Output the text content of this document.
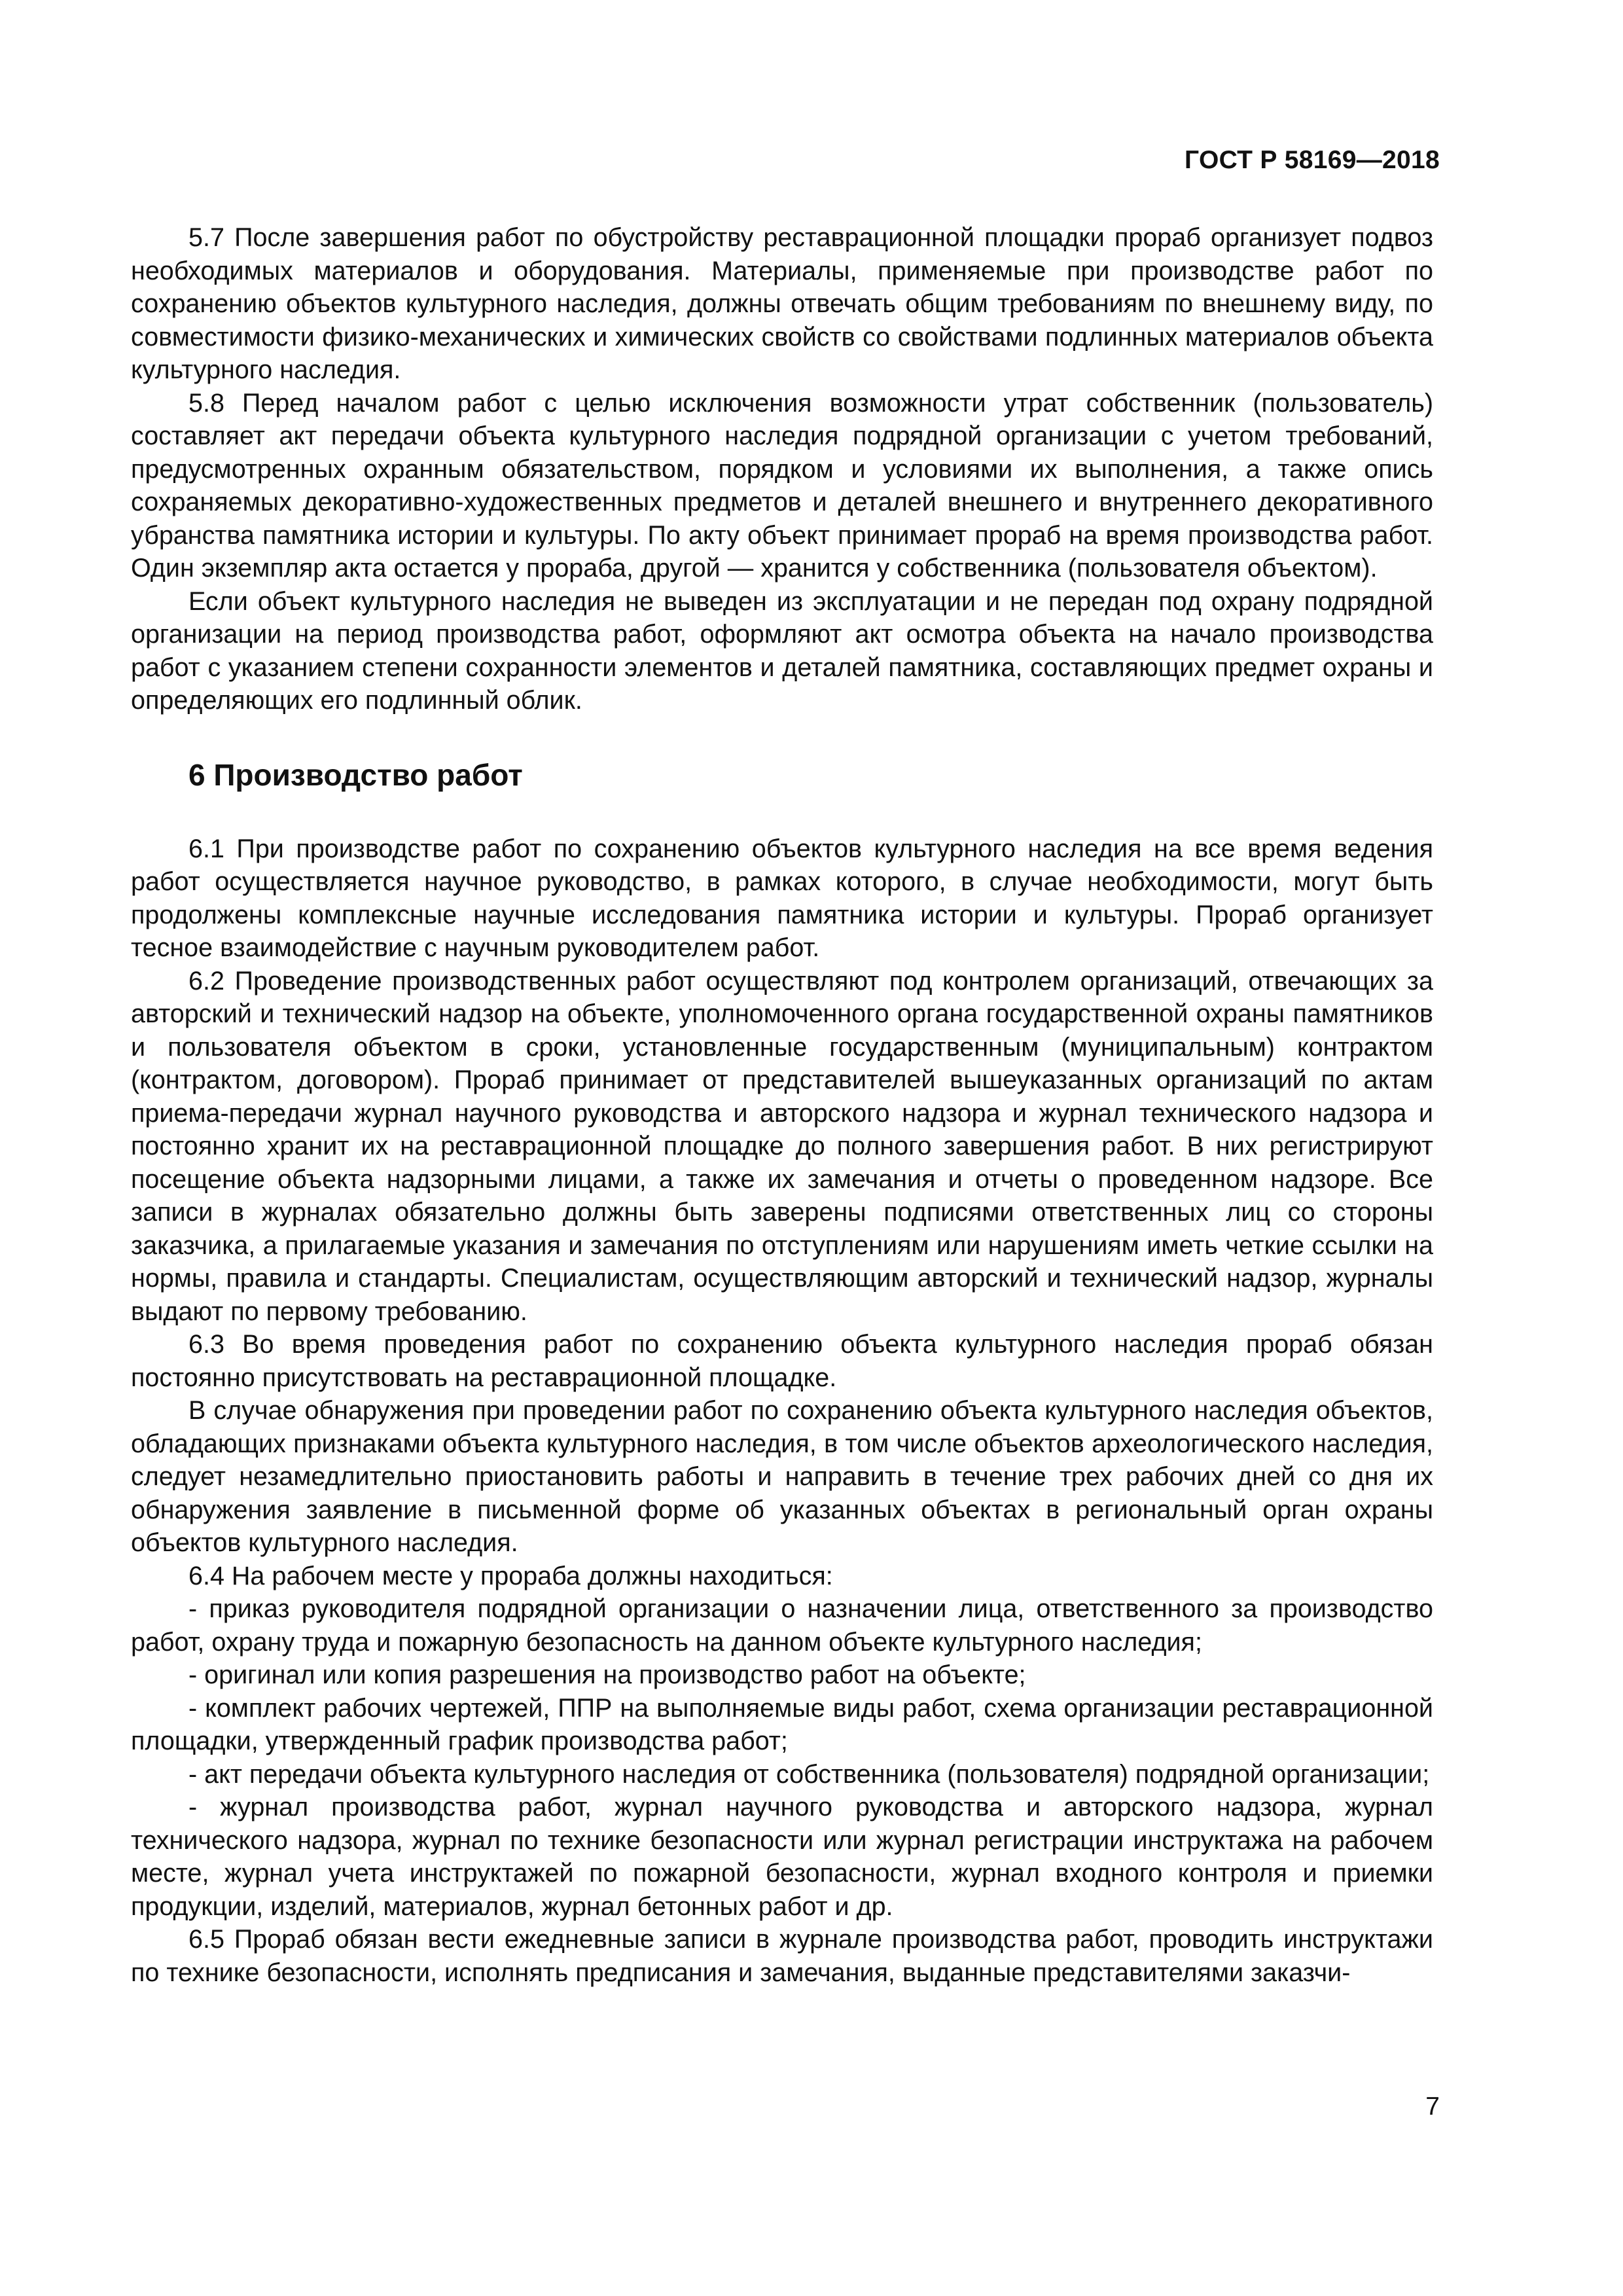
ГОСТ Р 58169—2018

5.7 После завершения работ по обустройству реставрационной площадки прораб организует подвоз необходимых материалов и оборудования. Материалы, применяемые при производстве работ по сохранению объектов культурного наследия, должны отвечать общим требованиям по внешнему виду, по совместимости физико-механических и химических свойств со свойствами подлинных материалов объекта культурного наследия.

5.8 Перед началом работ с целью исключения возможности утрат собственник (пользователь) составляет акт передачи объекта культурного наследия подрядной организации с учетом требований, предусмотренных охранным обязательством, порядком и условиями их выполнения, а также опись сохраняемых декоративно-художественных предметов и деталей внешнего и внутреннего декоративного убранства памятника истории и культуры. По акту объект принимает прораб на время производства работ. Один экземпляр акта остается у прораба, другой — хранится у собственника (пользователя объектом).

Если объект культурного наследия не выведен из эксплуатации и не передан под охрану подрядной организации на период производства работ, оформляют акт осмотра объекта на начало производства работ с указанием степени сохранности элементов и деталей памятника, составляющих предмет охраны и определяющих его подлинный облик.

6 Производство работ

6.1 При производстве работ по сохранению объектов культурного наследия на все время ведения работ осуществляется научное руководство, в рамках которого, в случае необходимости, могут быть продолжены комплексные научные исследования памятника истории и культуры. Прораб организует тесное взаимодействие с научным руководителем работ.

6.2 Проведение производственных работ осуществляют под контролем организаций, отвечающих за авторский и технический надзор на объекте, уполномоченного органа государственной охраны памятников и пользователя объектом в сроки, установленные государственным (муниципальным) контрактом (контрактом, договором). Прораб принимает от представителей вышеуказанных организаций по актам приема-передачи журнал научного руководства и авторского надзора и журнал технического надзора и постоянно хранит их на реставрационной площадке до полного завершения работ. В них регистрируют посещение объекта надзорными лицами, а также их замечания и отчеты о проведенном надзоре. Все записи в журналах обязательно должны быть заверены подписями ответственных лиц со стороны заказчика, а прилагаемые указания и замечания по отступлениям или нарушениям иметь четкие ссылки на нормы, правила и стандарты. Специалистам, осуществляющим авторский и технический надзор, журналы выдают по первому требованию.

6.3 Во время проведения работ по сохранению объекта культурного наследия прораб обязан постоянно присутствовать на реставрационной площадке.

В случае обнаружения при проведении работ по сохранению объекта культурного наследия объектов, обладающих признаками объекта культурного наследия, в том числе объектов археологического наследия, следует незамедлительно приостановить работы и направить в течение трех рабочих дней со дня их обнаружения заявление в письменной форме об указанных объектах в региональный орган охраны объектов культурного наследия.

6.4 На рабочем месте у прораба должны находиться:

- приказ руководителя подрядной организации о назначении лица, ответственного за производство работ, охрану труда и пожарную безопасность на данном объекте культурного наследия;

- оригинал или копия разрешения на производство работ на объекте;

- комплект рабочих чертежей, ППР на выполняемые виды работ, схема организации реставрационной площадки, утвержденный график производства работ;

- акт передачи объекта культурного наследия от собственника (пользователя) подрядной организации;

- журнал производства работ, журнал научного руководства и авторского надзора, журнал технического надзора, журнал по технике безопасности или журнал регистрации инструктажа на рабочем месте, журнал учета инструктажей по пожарной безопасности, журнал входного контроля и приемки продукции, изделий, материалов, журнал бетонных работ и др.

6.5 Прораб обязан вести ежедневные записи в журнале производства работ, проводить инструктажи по технике безопасности, исполнять предписания и замечания, выданные представителями заказчи-

7
